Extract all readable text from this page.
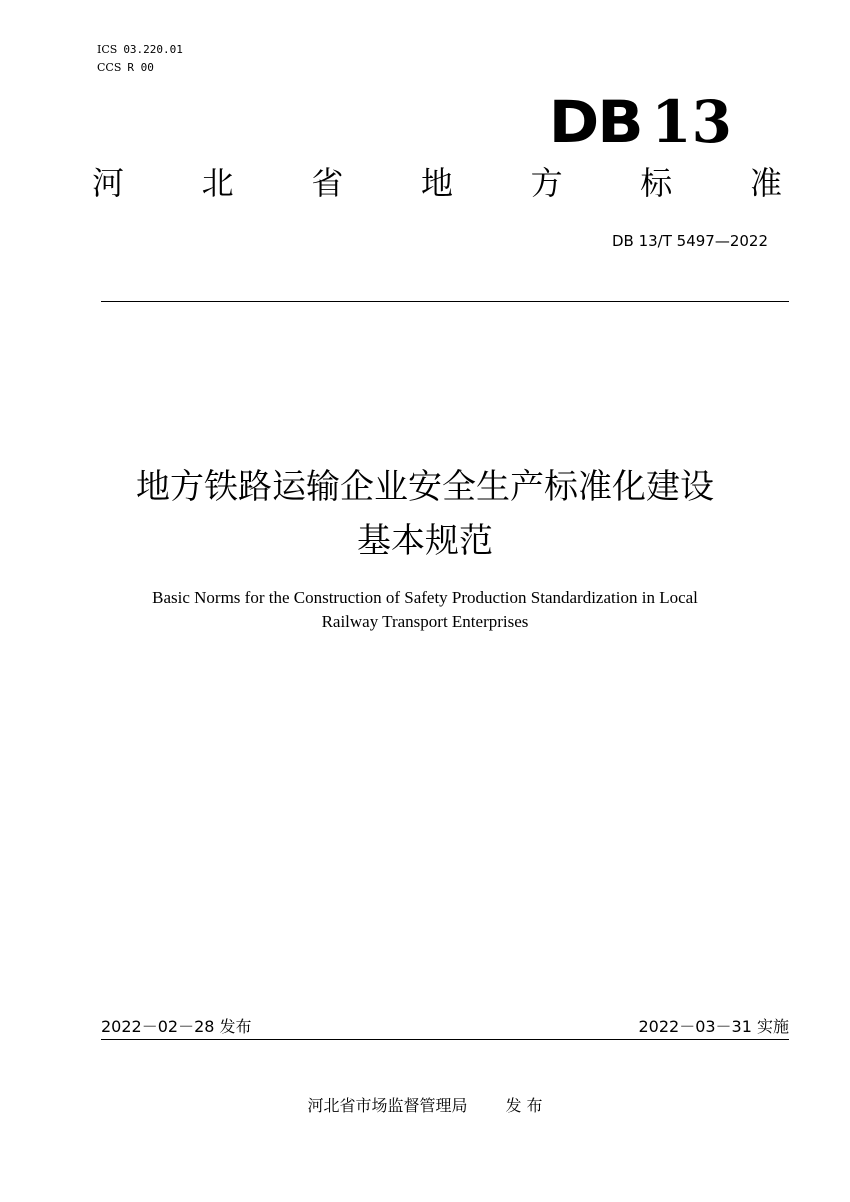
ICS 03.220.01
CCS R 00
DB 13
河 北 省 地 方 标 准
DB 13/T 5497—2022
地方铁路运输企业安全生产标准化建设
基本规范
Basic Norms for the Construction of Safety Production Standardization in Local
Railway Transport Enterprises
2022－02－28 发布	2022－03－31 实施
河北省市场监督管理局 发 布
